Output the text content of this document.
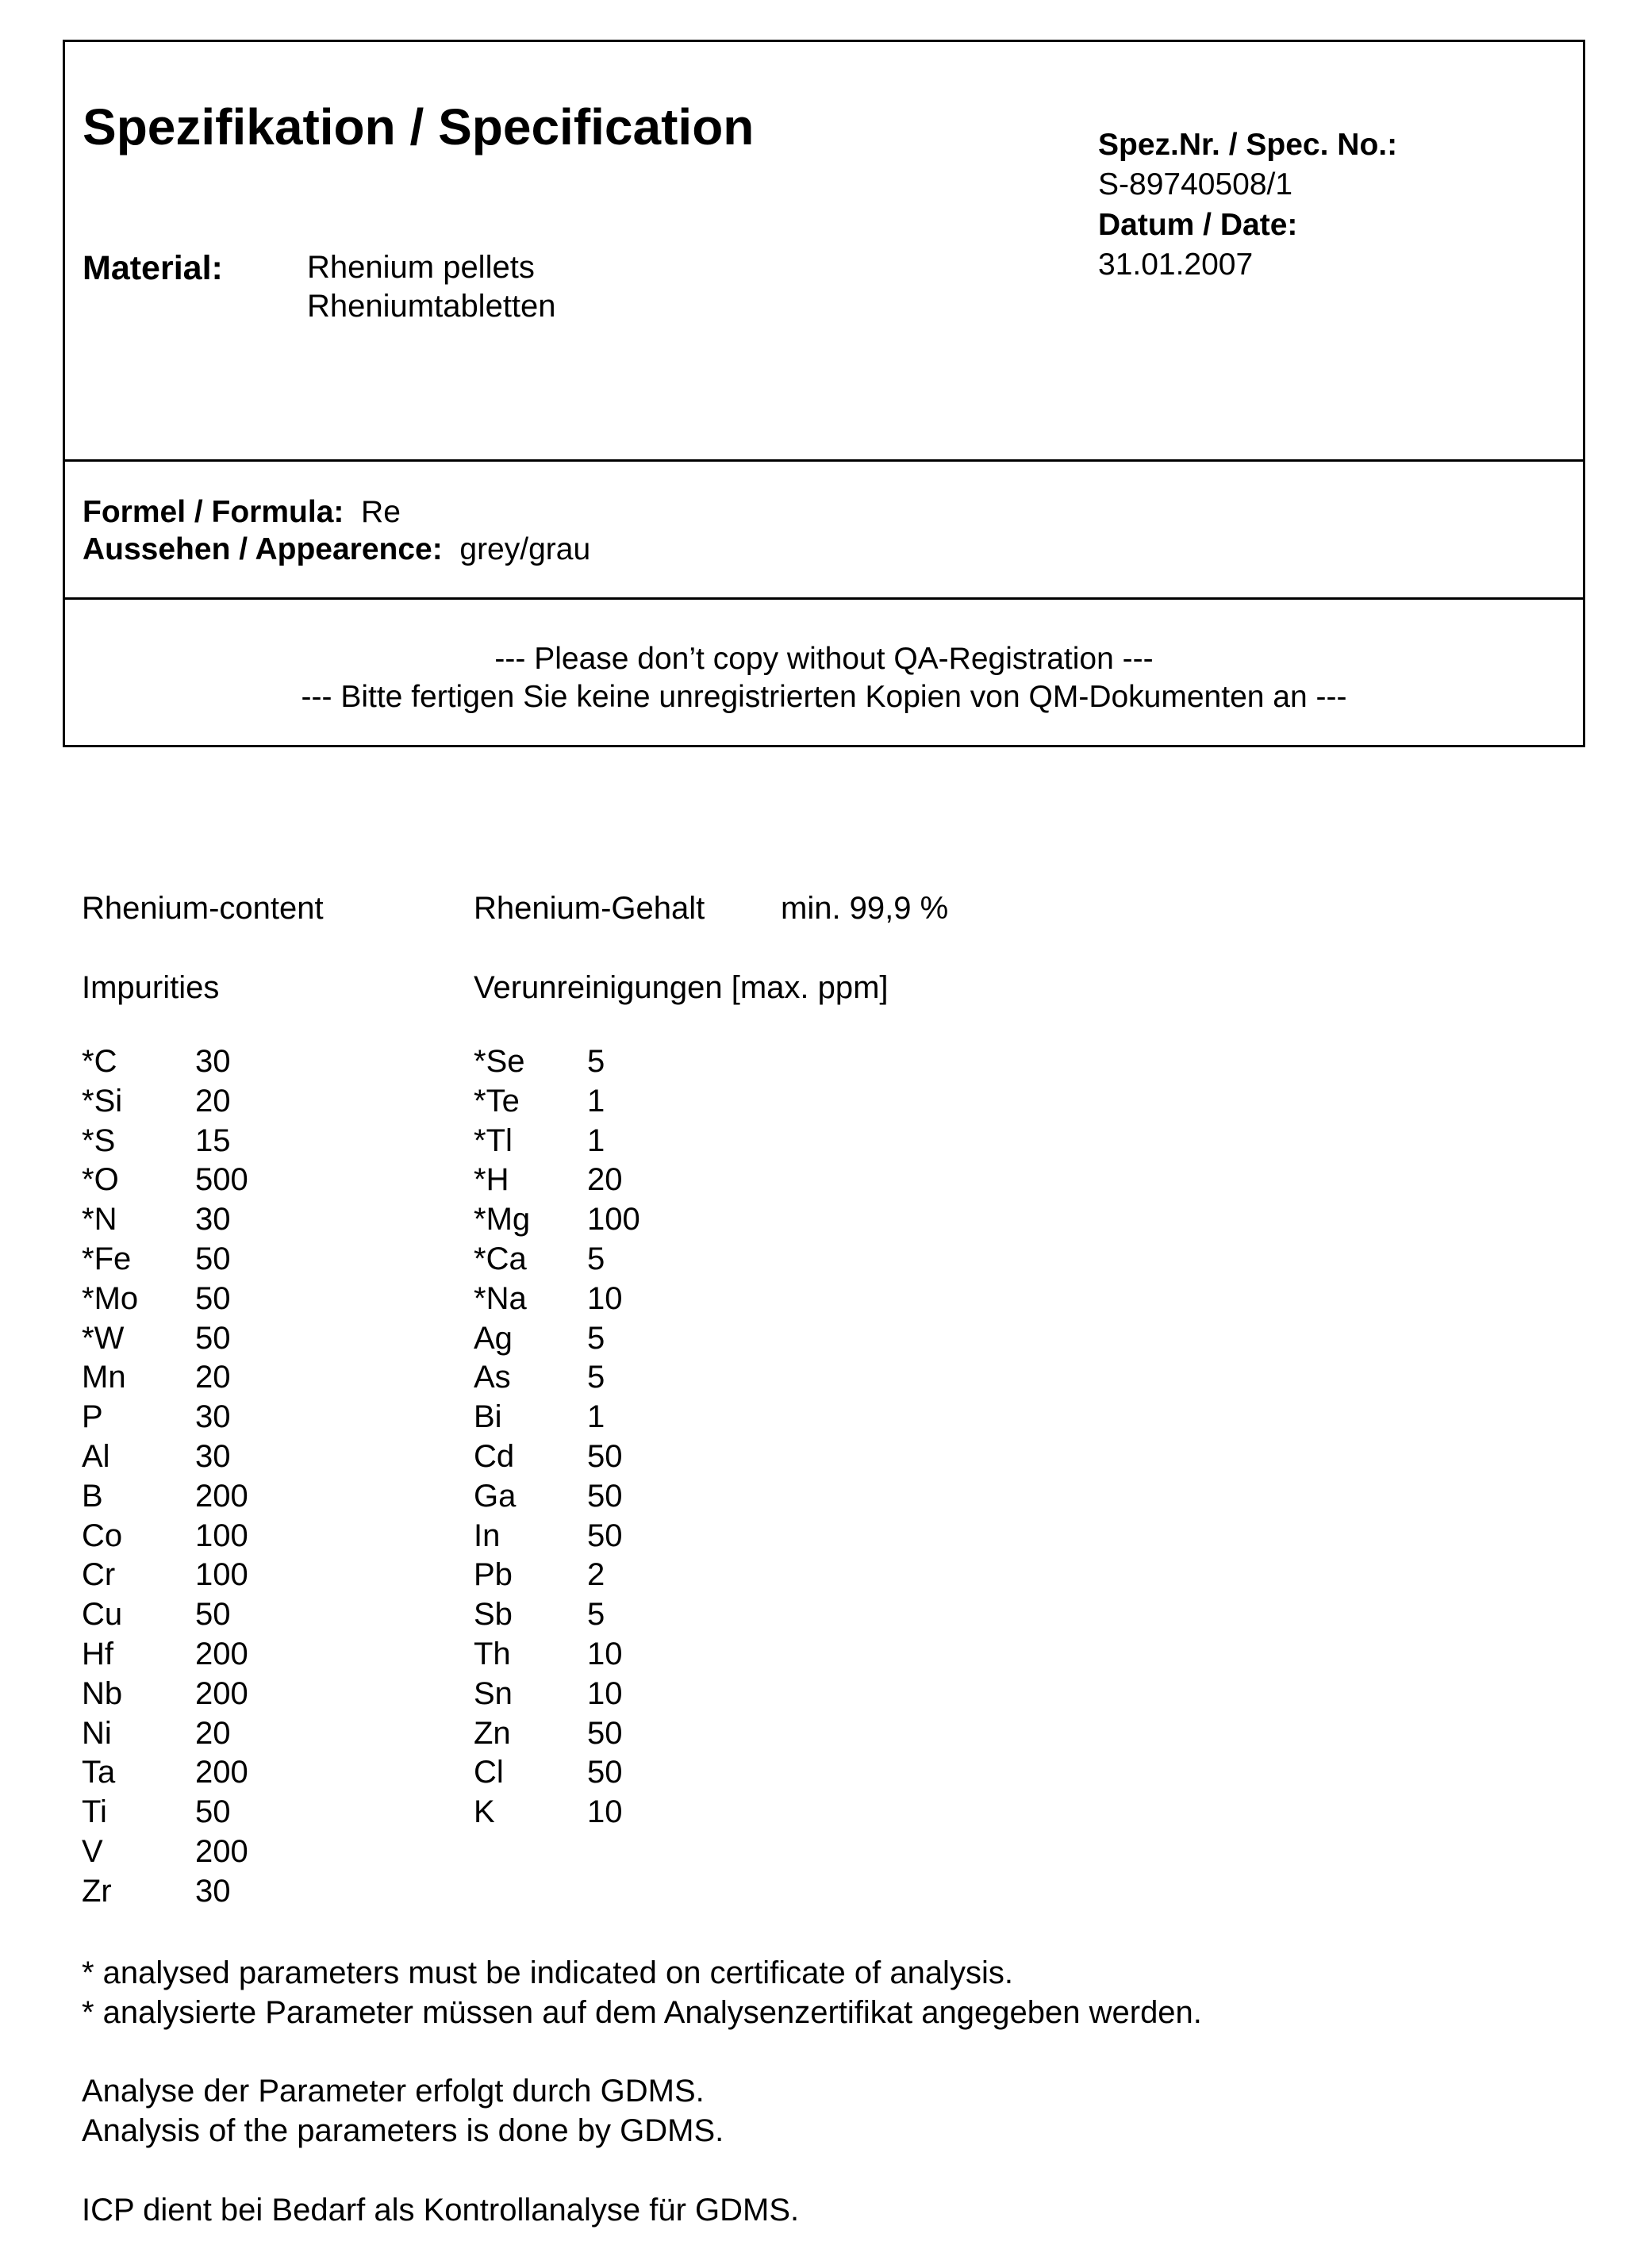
Spezifikation / Specification	Spez.Nr. / Spec. No.:
S-89740508/1
Datum / Date:
31.01.2007
Material:	Rhenium pellets
Rheniumtabletten
Formel / Formula: Re
Aussehen / Appearence: grey/grau
--- Please don’t copy without QA-Registration ---
--- Bitte fertigen Sie keine unregistrierten Kopien von QM-Dokumenten an ---
Rhenium-content	Rhenium-Gehalt min. 99,9 %
Impurities	Verunreinigungen [max. ppm]
*C 30
*Si 20
*S	15
*O 500
*N 30
*Fe 50
*Mo 50
*W 50
Mn 20
P	30
Al	30
B	200
Co 100
Cr	100
Cu 50
Hf	200
Nb 200
Ni	20
Ta	200
Ti	50
V	200
Zr	30
*Se 5
*Te 1
*Tl 1
*H 20
*Mg 100
*Ca 5
*Na 10
Ag 5
As 5
Bi	1
Cd 50
Ga 50
In	50
Pb 2
Sb 5
Th 10
Sn 10
Zn 50
Cl	50
K	10
* analysed parameters must be indicated on certificate of analysis.
* analysierte Parameter müssen auf dem Analysenzertifikat angegeben werden.
Analyse der Parameter erfolgt durch GDMS.
Analysis of the parameters is done by GDMS.
ICP dient bei Bedarf als Kontrollanalyse für GDMS.
